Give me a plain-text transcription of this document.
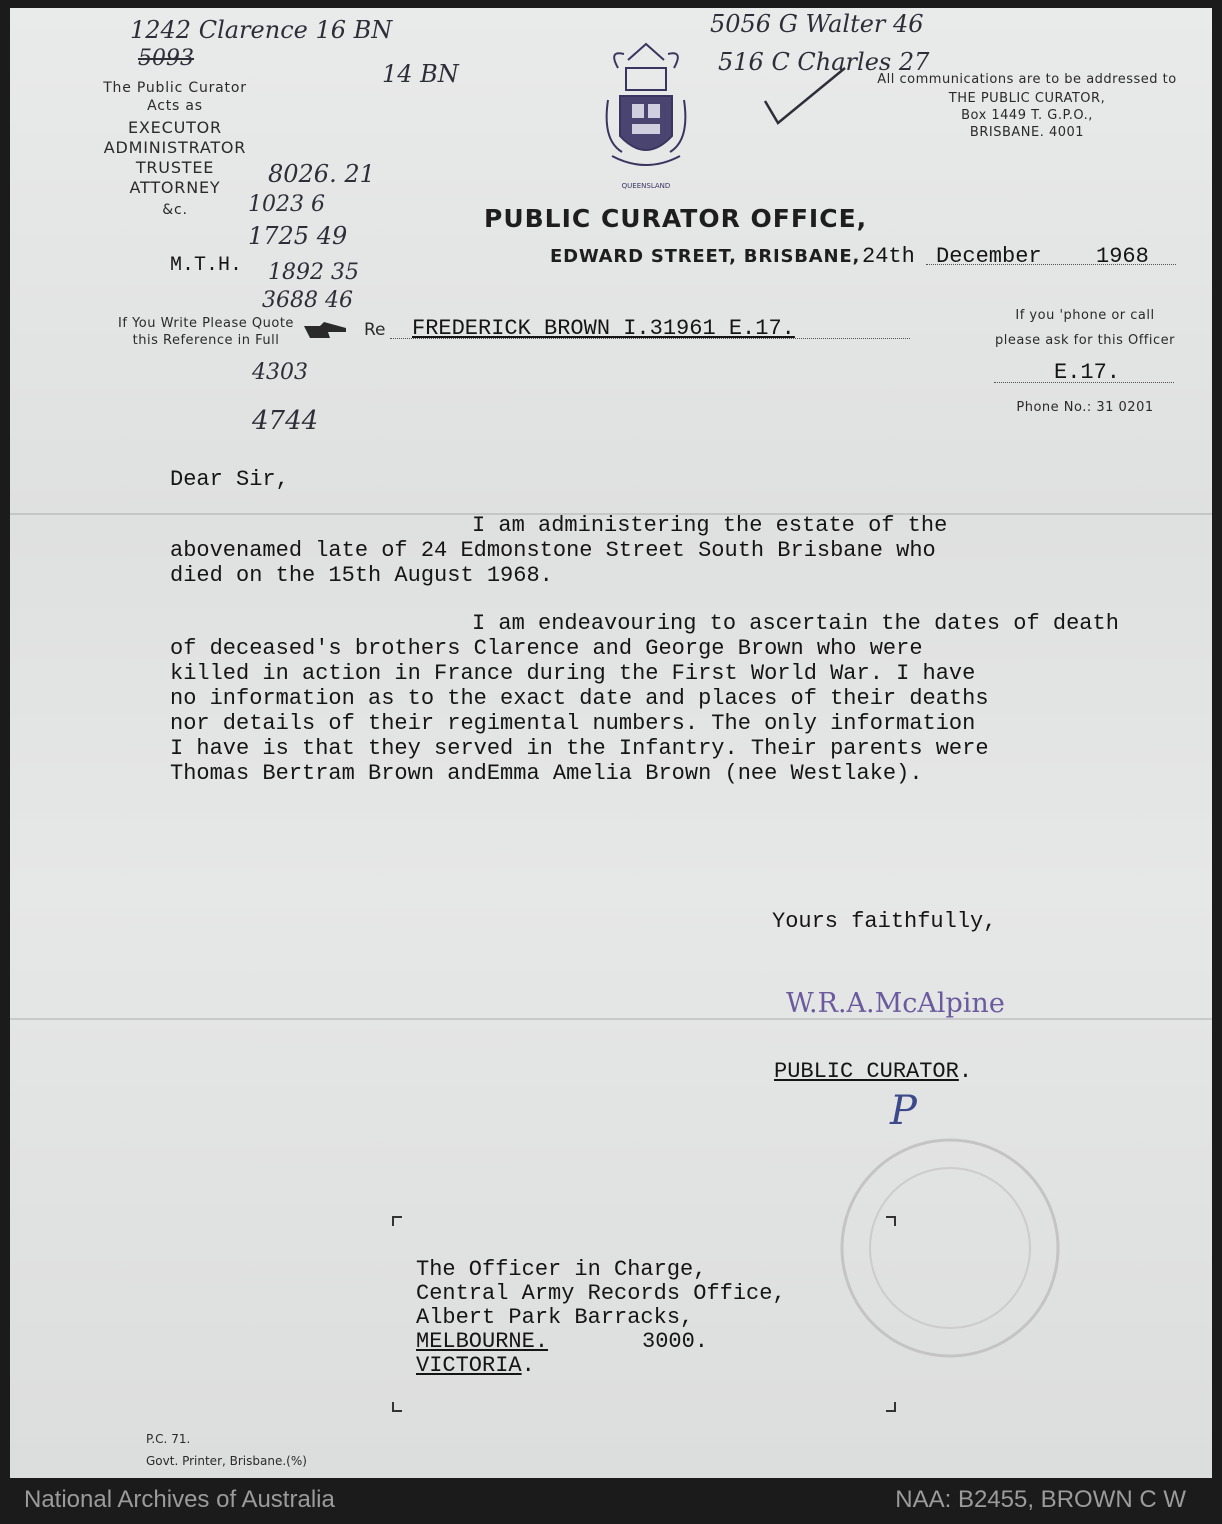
1242 Clarence 16 BN
5093
14 BN
5056 G Walter 46
516 C Charles 27
8026. 21
1023 6
1725 49
1892 35
3688 46
4303
4744
The Public Curator
Acts as
EXECUTOR
ADMINISTRATOR
TRUSTEE
ATTORNEY
&c.
QUEENSLAND
All communications are to be addressed to
THE PUBLIC CURATOR,
Box 1449 T. G.P.O.,
BRISBANE. 4001
PUBLIC CURATOR OFFICE,
EDWARD STREET, BRISBANE, 24th December 1968
M.T.H.
If You Write Please Quote
this Reference in Full
Re FREDERICK BROWN I.31961 E.17.
If you 'phone or call
please ask for this Officer
E.17.
Phone No.: 31 0201
Dear Sir,
I am administering the estate of the
abovenamed late of 24 Edmonstone Street South Brisbane who
died on the 15th August 1968.
I am endeavouring to ascertain the dates of death
of deceased's brothers Clarence and George Brown who were
killed in action in France during the First World War. I have
no information as to the exact date and places of their deaths
nor details of their regimental numbers. The only information
I have is that they served in the Infantry. Their parents were
Thomas Bertram Brown andEmma Amelia Brown (nee Westlake).
Yours faithfully,
W.R.A.McAlpine
PUBLIC CURATOR.
P
The Officer in Charge,
Central Army Records Office,
Albert Park Barracks,
MELBOURNE.	3000.
VICTORIA.
P.C. 71.
Govt. Printer, Brisbane.(%)
National Archives of Australia	NAA: B2455, BROWN C W
